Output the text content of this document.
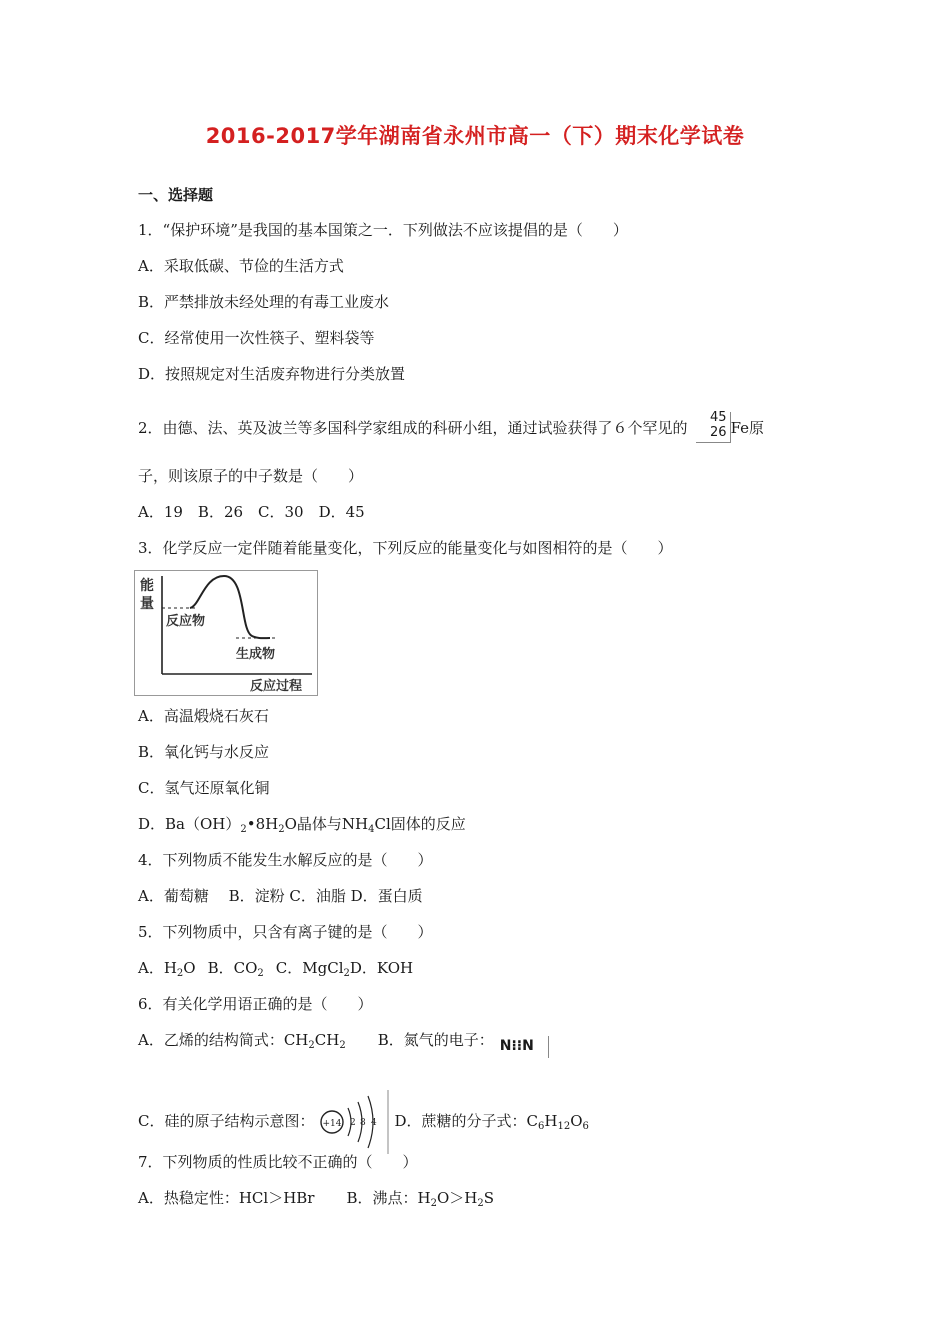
2016-2017学年湖南省永州市高一（下）期末化学试卷
一、选择题
1．“保护环境”是我国的基本国策之一．下列做法不应该提倡的是（　　）
A．采取低碳、节俭的生活方式
B．严禁排放未经处理的有毒工业废水
C．经常使用一次性筷子、塑料袋等
D．按照规定对生活废弃物进行分类放置
2．由德、法、英及波兰等多国科学家组成的科研小组，通过试验获得了６个罕见的
45
26 Fe原
子，则该原子的中子数是（　　）
A．19　B．26　C．30　D．45
3．化学反应一定伴随着能量变化，下列反应的能量变化与如图相符的是（　　）
能
量
反应物
生成物
反应过程
A．高温煅烧石灰石
B．氧化钙与水反应
C．氢气还原氧化铜
D．$Ba(OH)_2•8H_2O$晶体与$NH_4Cl$固体的反应
4．下列物质不能发生水解反应的是（　　）
A．葡萄糖　 B．淀粉 C．油脂 D．蛋白质
5．下列物质中，只含有离子键的是（　　）
A．$H_2O$ B．$CO_2$ C．MgCl$_2$D．KOH
6．有关化学用语正确的是（　　）
A．乙烯的结构简式：$CH_2CH_2$ B．氮气的电子： N⁝⁝N
C．硅的原子结构示意图： +14 2 8 4 D．蔗糖的分子式：$C_6H_{12}O_6$
7．下列物质的性质比较不正确的（　　）
A．热稳定性：HCl＞HBr B．沸点：$H_2O>H_2S$
